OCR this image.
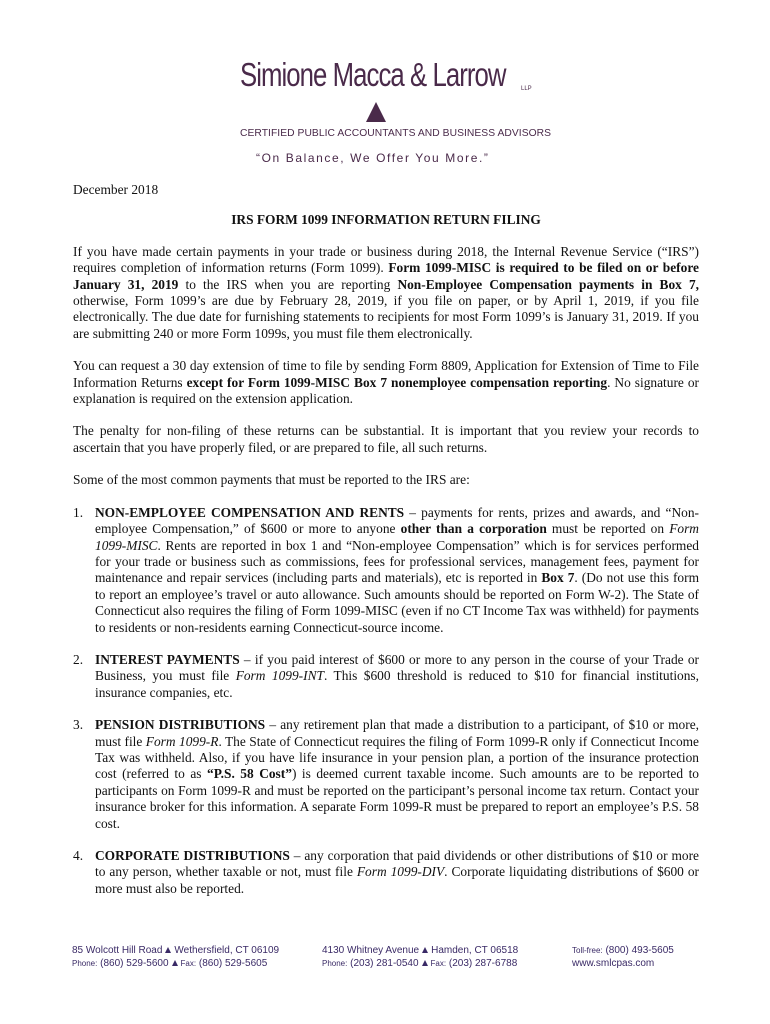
Simione Macca & Larrow	LLP
CERTIFIED PUBLIC ACCOUNTANTS AND BUSINESS ADVISORS
“On Balance, We Offer You More.”

December 2018

IRS FORM 1099 INFORMATION RETURN FILING

If you have made certain payments in your trade or business during 2018, the Internal Revenue Service (“IRS”) requires completion of information returns (Form 1099). Form 1099-MISC is required to be filed on or before January 31, 2019 to the IRS when you are reporting Non-Employee Compensation payments in Box 7, otherwise, Form 1099’s are due by February 28, 2019, if you file on paper, or by April 1, 2019, if you file electronically. The due date for furnishing statements to recipients for most Form 1099’s is January 31, 2019. If you are submitting 240 or more Form 1099s, you must file them electronically.

You can request a 30 day extension of time to file by sending Form 8809, Application for Extension of Time to File Information Returns except for Form 1099-MISC Box 7 nonemployee compensation reporting. No signature or explanation is required on the extension application.

The penalty for non-filing of these returns can be substantial. It is important that you review your records to ascertain that you have properly filed, or are prepared to file, all such returns.

Some of the most common payments that must be reported to the IRS are:

1. NON-EMPLOYEE COMPENSATION AND RENTS – payments for rents, prizes and awards, and “Non-employee Compensation,” of $600 or more to anyone other than a corporation must be reported on Form 1099-MISC. Rents are reported in box 1 and “Non-employee Compensation” which is for services performed for your trade or business such as commissions, fees for professional services, management fees, payment for maintenance and repair services (including parts and materials), etc is reported in Box 7. (Do not use this form to report an employee’s travel or auto allowance. Such amounts should be reported on Form W-2). The State of Connecticut also requires the filing of Form 1099-MISC (even if no CT Income Tax was withheld) for payments to residents or non-residents earning Connecticut-source income.
2. INTEREST PAYMENTS – if you paid interest of $600 or more to any person in the course of your Trade or Business, you must file Form 1099-INT. This $600 threshold is reduced to $10 for financial institutions, insurance companies, etc.
3. PENSION DISTRIBUTIONS – any retirement plan that made a distribution to a participant, of $10 or more, must file Form 1099-R. The State of Connecticut requires the filing of Form 1099-R only if Connecticut Income Tax was withheld. Also, if you have life insurance in your pension plan, a portion of the insurance protection cost (referred to as “P.S. 58 Cost”) is deemed current taxable income. Such amounts are to be reported to participants on Form 1099-R and must be reported on the participant’s personal income tax return. Contact your insurance broker for this information. A separate Form 1099-R must be prepared to report an employee’s P.S. 58 cost.
4. CORPORATE DISTRIBUTIONS – any corporation that paid dividends or other distributions of $10 or more to any person, whether taxable or not, must file Form 1099-DIV. Corporate liquidating distributions of $600 or more must also be reported.
85 Wolcott Hill Road Wethersfield, CT 06109
Phone: (860) 529-5600 Fax: (860) 529-5605
4130 Whitney Avenue Hamden, CT 06518
Phone: (203) 281-0540 Fax: (203) 287-6788
Toll-free: (800) 493-5605
www.smlcpas.com
